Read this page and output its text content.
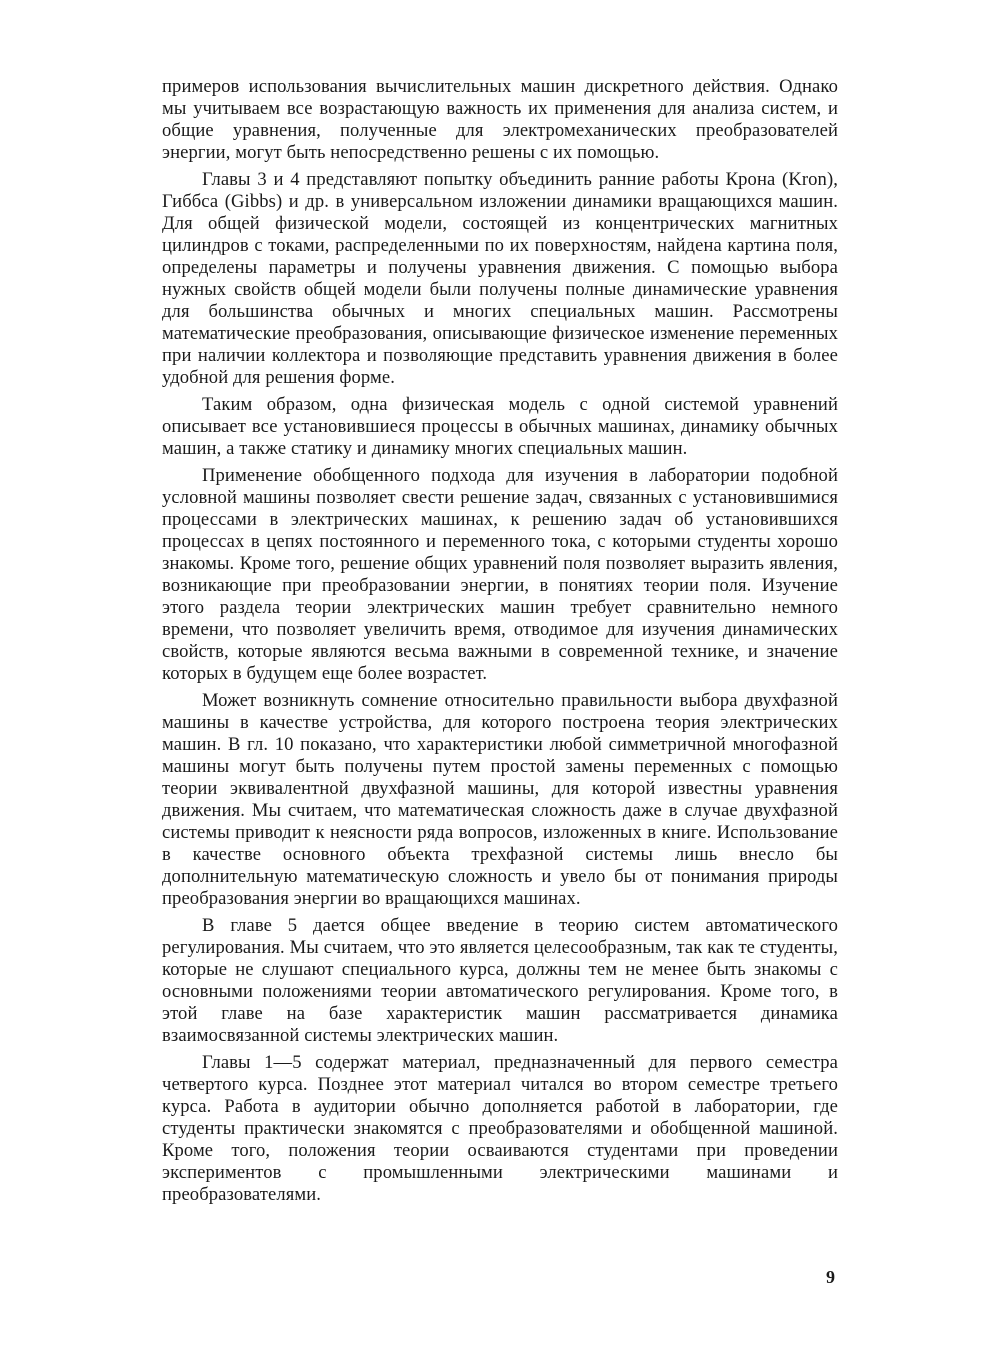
примеров использования вычислительных машин дискретного действия. Однако мы учитываем все возрастающую важность их применения для анализа систем, и общие уравнения, полученные для электромеханических преобразователей энергии, могут быть непосредственно решены с их помощью.

Главы 3 и 4 представляют попытку объединить ранние работы Крона (Kron), Гиббса (Gibbs) и др. в универсальном изложении динамики вращающихся машин. Для общей физической модели, состоящей из концентрических магнитных цилиндров с токами, распределенными по их поверхностям, найдена картина поля, определены параметры и получены уравнения движения. С помощью выбора нужных свойств общей модели были получены полные динамические уравнения для большинства обычных и многих специальных машин. Рассмотрены математические преобразования, описывающие физическое изменение переменных при наличии коллектора и позволяющие представить уравнения движения в более удобной для решения форме.

Таким образом, одна физическая модель с одной системой уравнений описывает все установившиеся процессы в обычных машинах, динамику обычных машин, а также статику и динамику многих специальных машин.

Применение обобщенного подхода для изучения в лаборатории подобной условной машины позволяет свести решение задач, связанных с установившимися процессами в электрических машинах, к решению задач об установившихся процессах в цепях постоянного и переменного тока, с которыми студенты хорошо знакомы. Кроме того, решение общих уравнений поля позволяет выразить явления, возникающие при преобразовании энергии, в понятиях теории поля. Изучение этого раздела теории электрических машин требует сравнительно немного времени, что позволяет увеличить время, отводимое для изучения динамических свойств, которые являются весьма важными в современной технике, и значение которых в будущем еще более возрастет.

Может возникнуть сомнение относительно правильности выбора двухфазной машины в качестве устройства, для которого построена теория электрических машин. В гл. 10 показано, что характеристики любой симметричной многофазной машины могут быть получены путем простой замены переменных с помощью теории эквивалентной двухфазной машины, для которой известны уравнения движения. Мы считаем, что математическая сложность даже в случае двухфазной системы приводит к неясности ряда вопросов, изложенных в книге. Использование в качестве основного объекта трехфазной системы лишь внесло бы дополнительную математическую сложность и увело бы от понимания природы преобразования энергии во вращающихся машинах.

В главе 5 дается общее введение в теорию систем автоматического регулирования. Мы считаем, что это является целесообразным, так как те студенты, которые не слушают специального курса, должны тем не менее быть знакомы с основными положениями теории автоматического регулирования. Кроме того, в этой главе на базе характеристик машин рассматривается динамика взаимосвязанной системы электрических машин.

Главы 1—5 содержат материал, предназначенный для первого семестра четвертого курса. Позднее этот материал читался во втором семестре третьего курса. Работа в аудитории обычно дополняется работой в лаборатории, где студенты практически знакомятся с преобразователями и обобщенной машиной. Кроме того, положения теории осваиваются студентами при проведении экспериментов с промышленными электрическими машинами и преобразователями.

9
